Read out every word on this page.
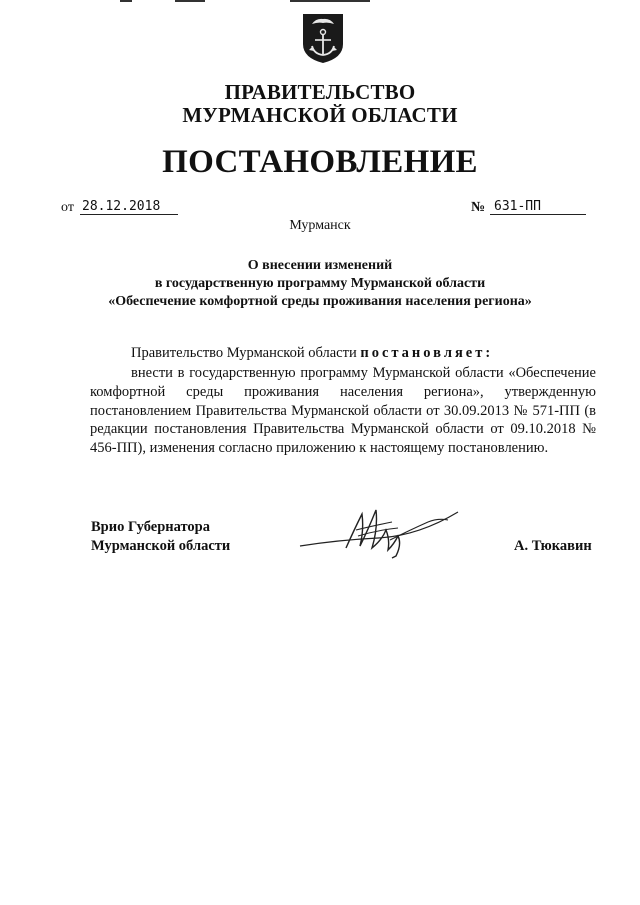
ПРАВИТЕЛЬСТВО
МУРМАНСКОЙ ОБЛАСТИ
ПОСТАНОВЛЕНИЕ
от 28.12.2018	№ 631-ПП
Мурманск
О внесении изменений
в государственную программу Мурманской области
«Обеспечение комфортной среды проживания населения региона»
Правительство Мурманской области постановляет:
внести в государственную программу Мурманской области «Обеспечение комфортной среды проживания населения региона», утвержденную постановлением Правительства Мурманской области от 30.09.2013 № 571-ПП (в редакции постановления Правительства Мурманской области от 09.10.2018 № 456-ПП), изменения согласно приложению к настоящему постановлению.
Врио Губернатора
Мурманской области	А. Тюкавин
